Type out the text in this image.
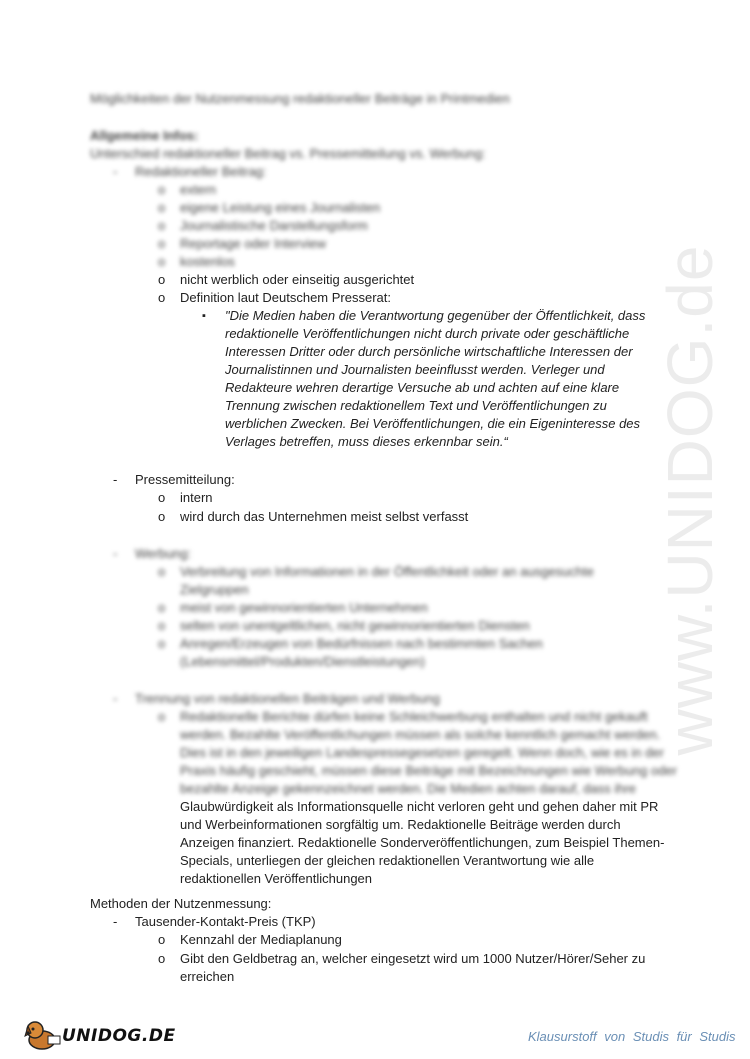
www.UNIDOG.de
Möglichkeiten der Nutzenmessung redaktioneller Beiträge in Printmedien
Allgemeine Infos:
Unterschied redaktioneller Beitrag vs. Pressemitteilung vs. Werbung:
- Redaktioneller Beitrag:
o extern
o eigene Leistung eines Journalisten
o Journalistische Darstellungsform
o Reportage oder Interview
o kostenlos
o nicht werblich oder einseitig ausgerichtet
o Definition laut Deutschem Presserat:
▪ "Die Medien haben die Verantwortung gegenüber der Öffentlichkeit, dass
redaktionelle Veröffentlichungen nicht durch private oder geschäftliche
Interessen Dritter oder durch persönliche wirtschaftliche Interessen der
Journalistinnen und Journalisten beeinflusst werden. Verleger und
Redakteure wehren derartige Versuche ab und achten auf eine klare
Trennung zwischen redaktionellem Text und Veröffentlichungen zu
werblichen Zwecken. Bei Veröffentlichungen, die ein Eigeninteresse des
Verlages betreffen, muss dieses erkennbar sein.“
- Pressemitteilung:
o intern
o wird durch das Unternehmen meist selbst verfasst
- Werbung:
o Verbreitung von Informationen in der Öffentlichkeit oder an ausgesuchte
Zielgruppen
o meist von gewinnorientierten Unternehmen
o selten von unentgeltlichen, nicht gewinnorientierten Diensten
o Anregen/Erzeugen von Bedürfnissen nach bestimmten Sachen
(Lebensmittel/Produkten/Dienstleistungen)
- Trennung von redaktionellen Beiträgen und Werbung
o Redaktionelle Berichte dürfen keine Schleichwerbung enthalten und nicht gekauft
werden. Bezahlte Veröffentlichungen müssen als solche kenntlich gemacht werden.
Dies ist in den jeweiligen Landespressegesetzen geregelt. Wenn doch, wie es in der
Praxis häufig geschieht, müssen diese Beiträge mit Bezeichnungen wie Werbung oder
bezahlte Anzeige gekennzeichnet werden. Die Medien achten darauf, dass ihre
Glaubwürdigkeit als Informationsquelle nicht verloren geht und gehen daher mit PR
und Werbeinformationen sorgfältig um. Redaktionelle Beiträge werden durch
Anzeigen finanziert. Redaktionelle Sonderveröffentlichungen, zum Beispiel Themen-
Specials, unterliegen der gleichen redaktionellen Verantwortung wie alle
redaktionellen Veröffentlichungen
Methoden der Nutzenmessung:
- Tausender-Kontakt-Preis (TKP)
o Kennzahl der Mediaplanung
o Gibt den Geldbetrag an, welcher eingesetzt wird um 1000 Nutzer/Hörer/Seher zu
erreichen
UNIDOG.DE	Klausurstoff von Studis für Studis
